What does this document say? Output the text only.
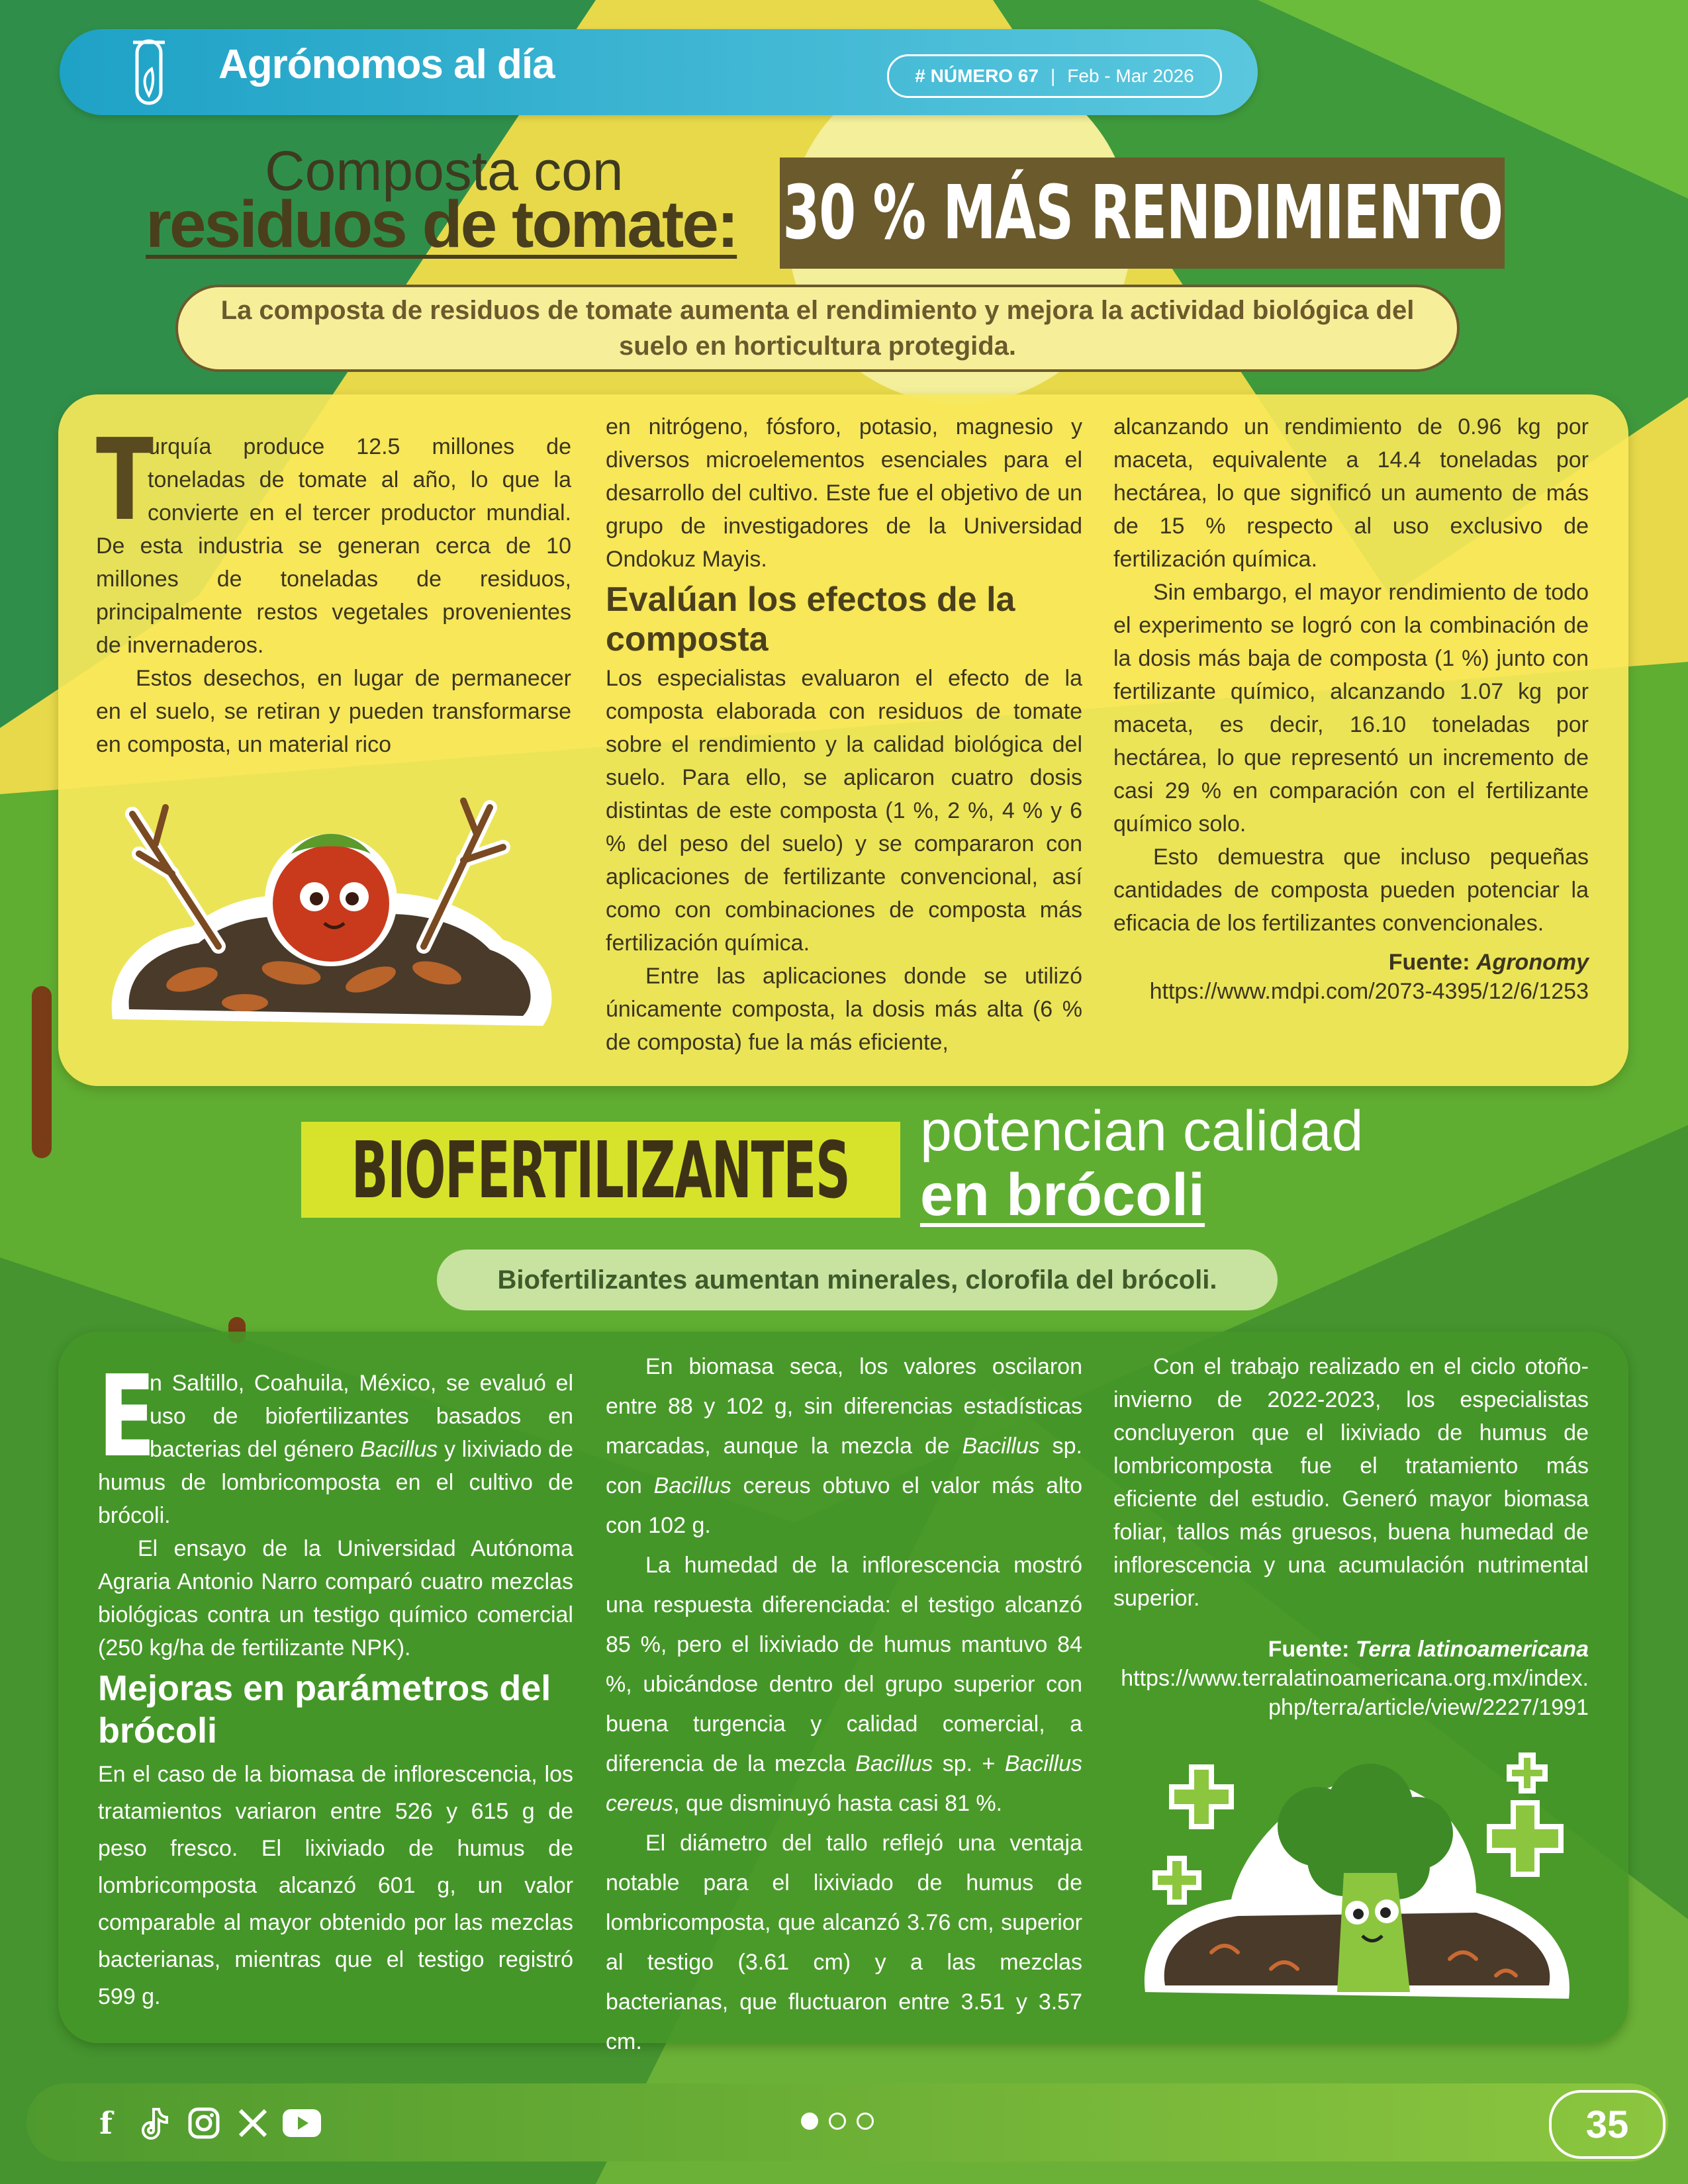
Agrónomos al día	# NÚMERO 67 | Feb - Mar 2026
Composta con
residuos de tomate: 30 % MÁS RENDIMIENTO
La composta de residuos de tomate aumenta el rendimiento y mejora la actividad biológica del suelo en horticultura protegida.
T

urquía produce 12.5 millones de toneladas de tomate al año, lo que la convierte en el tercer productor mundial. De esta industria se generan cerca de 10 millones de toneladas de residuos, principalmente restos vegetales provenientes de invernaderos.

Estos desechos, en lugar de permanecer en el suelo, se retiran y pueden transformarse en composta, un material rico

en nitrógeno, fósforo, potasio, magnesio y diversos microelementos esenciales para el desarrollo del cultivo. Este fue el objetivo de un grupo de investigadores de la Universidad Ondokuz Mayis.

Evalúan los efectos de la composta

Los especialistas evaluaron el efecto de la composta elaborada con residuos de tomate sobre el rendimiento y la calidad biológica del suelo. Para ello, se aplicaron cuatro dosis distintas de este composta (1 %, 2 %, 4 % y 6 % del peso del suelo) y se compararon con aplicaciones de fertilizante convencional, así como con combinaciones de composta más fertilización química.

Entre las aplicaciones donde se utilizó únicamente composta, la dosis más alta (6 % de composta) fue la más eficiente,

alcanzando un rendimiento de 0.96 kg por maceta, equivalente a 14.4 toneladas por hectárea, lo que significó un aumento de más de 15 % respecto al uso exclusivo de fertilización química.

Sin embargo, el mayor rendimiento de todo el experimento se logró con la combinación de la dosis más baja de composta (1 %) junto con fertilizante químico, alcanzando 1.07 kg por maceta, es decir, 16.10 toneladas por hectárea, lo que representó un incremento de casi 29 % en comparación con el fertilizante químico solo.

Esto demuestra que incluso pequeñas cantidades de composta pueden potenciar la eficacia de los fertilizantes convencionales.

Fuente: Agronomy
https://www.mdpi.com/2073-4395/12/6/1253
BIOFERTILIZANTES potencian calidad
en brócoli
Biofertilizantes aumentan minerales, clorofila del brócoli.
E

n Saltillo, Coahuila, México, se evaluó el uso de biofertilizantes basados en bacterias del género Bacillus y lixiviado de humus de lombricomposta en el cultivo de brócoli.

El ensayo de la Universidad Autónoma Agraria Antonio Narro comparó cuatro mezclas biológicas contra un testigo químico comercial (250 kg/ha de fertilizante NPK).

Mejoras en parámetros del brócoli

En el caso de la biomasa de inflorescencia, los tratamientos variaron entre 526 y 615 g de peso fresco. El lixiviado de humus de lombricomposta alcanzó 601 g, un valor comparable al mayor obtenido por las mezclas bacterianas, mientras que el testigo registró 599 g.

En biomasa seca, los valores oscilaron entre 88 y 102 g, sin diferencias estadísticas marcadas, aunque la mezcla de Bacillus sp. con Bacillus cereus obtuvo el valor más alto con 102 g.

La humedad de la inflorescencia mostró una respuesta diferenciada: el testigo alcanzó 85 %, pero el lixiviado de humus mantuvo 84 %, ubicándose dentro del grupo superior con buena turgencia y calidad comercial, a diferencia de la mezcla Bacillus sp. + Bacillus cereus, que disminuyó hasta casi 81 %.

El diámetro del tallo reflejó una ventaja notable para el lixiviado de humus de lombricomposta, que alcanzó 3.76 cm, superior al testigo (3.61 cm) y a las mezclas bacterianas, que fluctuaron entre 3.51 y 3.57 cm.

Con el trabajo realizado en el ciclo otoño-invierno de 2022-2023, los especialistas concluyeron que el lixiviado de humus de lombricomposta fue el tratamiento más eficiente del estudio. Generó mayor biomasa foliar, tallos más gruesos, buena humedad de inflorescencia y una acumulación nutrimental superior.

Fuente: Terra latinoamericana
https://www.terralatinoamericana.org.mx/index.php/terra/article/view/2227/1991
f	35
